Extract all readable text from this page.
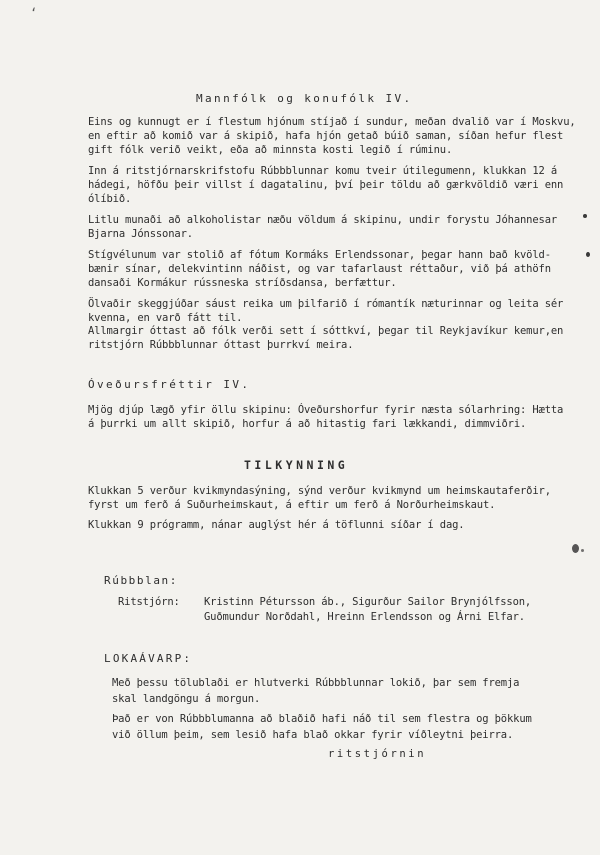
‘
Mannfólk og konufólk IV.
Eins og kunnugt er í flestum hjónum stíjað í sundur, meðan dvalið var í Moskvu,
en eftir að komið var á skipið, hafa hjón getað búið saman, síðan hefur flest
gift fólk verið veikt, eða að minnsta kosti legið í rúminu.
Inn á ritstjórnarskrifstofu Rúbbblunnar komu tveir útilegumenn, klukkan 12 á
hádegi, höfðu þeir villst í dagatalinu, því þeir töldu að gærkvöldið væri enn
ólíbið.
Litlu munaði að alkoholistar næðu völdum á skipinu, undir forystu Jóhannesar
Bjarna Jónssonar.
Stígvélunum var stolið af fótum Kormáks Erlendssonar, þegar hann bað kvöld-
bænir sínar, delekvintinn náðist, og var tafarlaust réttaður, við þá athöfn
dansaði Kormákur rússneska stríðsdansa, berfættur.
Ölvaðir skeggjúðar sáust reika um þilfarið í rómantík næturinnar og leita sér
kvenna, en varð fátt til.
Allmargir óttast að fólk verði sett í sóttkví, þegar til Reykjavíkur kemur,en
ritstjórn Rúbbblunnar óttast þurrkví meira.
Óveðursfréttir IV.
Mjög djúp lægð yfir öllu skipinu: Óveðurshorfur fyrir næsta sólarhring: Hætta
á þurrki um allt skipið, horfur á að hitastig fari lækkandi, dimmviðri.
TILKYNNING
Klukkan 5 verður kvikmyndasýning, sýnd verður kvikmynd um heimskautaferðir,
fyrst um ferð á Suðurheimskaut, á eftir um ferð á Norðurheimskaut.
Klukkan 9 prógramm, nánar auglýst hér á töflunni síðar í dag.
Rúbbblan:
Ritstjórn: Kristinn Pétursson áb., Sigurður Sailor Brynjólfsson,
Guðmundur Norðdahl, Hreinn Erlendsson og Árni Elfar.
LOKAÁVARP:
Með þessu tölublaði er hlutverki Rúbbblunnar lokið, þar sem fremja
skal landgöngu á morgun.
Það er von Rúbbblumanna að blaðið hafi náð til sem flestra og þökkum
við öllum þeim, sem lesið hafa blað okkar fyrir víðleytni þeirra.
ritstjórnin
